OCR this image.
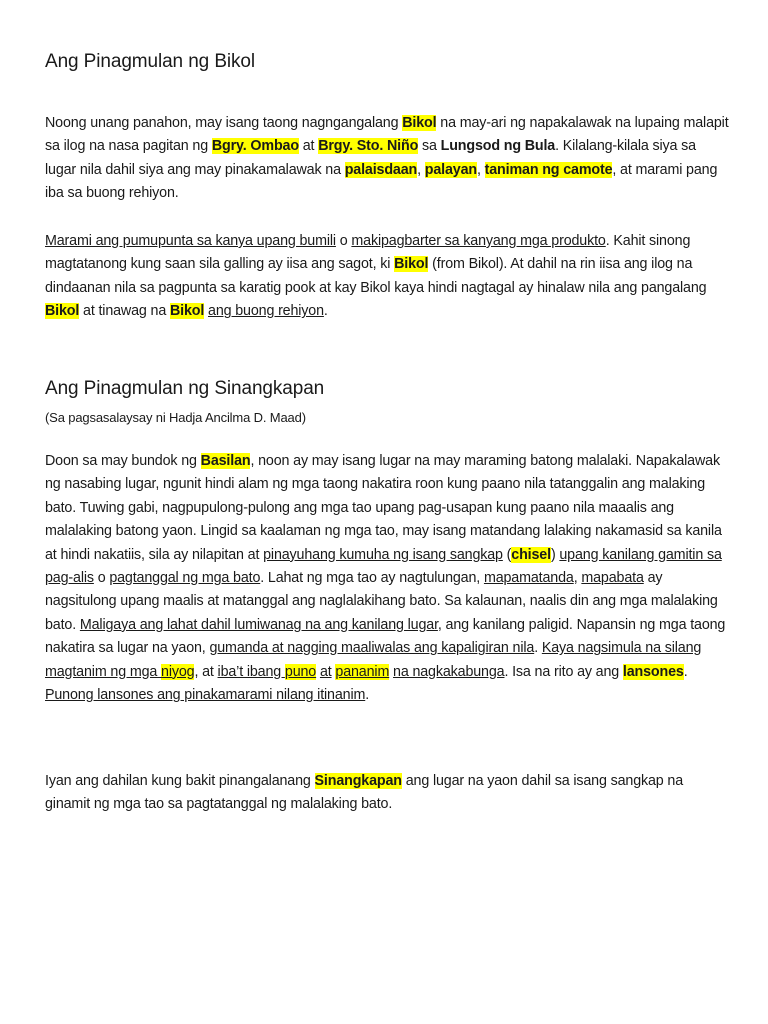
Ang Pinagmulan ng Bikol

Noong unang panahon, may isang taong nagngangalang Bikol na may-ari ng napakalawak na lupaing malapit sa ilog na nasa pagitan ng Bgry. Ombao at Brgy. Sto. Niño sa Lungsod ng Bula. Kilalang-kilala siya sa lugar nila dahil siya ang may pinakamalawak na palaisdaan, palayan, taniman ng camote, at marami pang iba sa buong rehiyon.

Marami ang pumupunta sa kanya upang bumili o makipagbarter sa kanyang mga produkto. Kahit sinong magtatanong kung saan sila galling ay iisa ang sagot, ki Bikol (from Bikol). At dahil na rin iisa ang ilog na dindaanan nila sa pagpunta sa karatig pook at kay Bikol kaya hindi nagtagal ay hinalaw nila ang pangalang Bikol at tinawag na Bikol ang buong rehiyon.

Ang Pinagmulan ng Sinangkapan

(Sa pagsasalaysay ni Hadja Ancilma D. Maad)

Doon sa may bundok ng Basilan, noon ay may isang lugar na may maraming batong malalaki. Napakalawak ng nasabing lugar, ngunit hindi alam ng mga taong nakatira roon kung paano nila tatanggalin ang malaking bato. Tuwing gabi, nagpupulong-pulong ang mga tao upang pag-usapan kung paano nila maaalis ang malalaking batong yaon. Lingid sa kaalaman ng mga tao, may isang matandang lalaking nakamasid sa kanila at hindi nakatiis, sila ay nilapitan at pinayuhang kumuha ng isang sangkap (chisel) upang kanilang gamitin sa pag-alis o pagtanggal ng mga bato. Lahat ng mga tao ay nagtulungan, mapamatanda, mapabata ay nagsitulong upang maalis at matanggal ang naglalakihang bato. Sa kalaunan, naalis din ang mga malalaking bato. Maligaya ang lahat dahil lumiwanag na ang kanilang lugar, ang kanilang paligid. Napansin ng mga taong nakatira sa lugar na yaon, gumanda at nagging maaliwalas ang kapaligiran nila. Kaya nagsimula na silang magtanim ng mga niyog, at iba’t ibang puno at pananim na nagkakabunga. Isa na rito ay ang lansones. Punong lansones ang pinakamarami nilang itinanim.

Iyan ang dahilan kung bakit pinangalanang Sinangkapan ang lugar na yaon dahil sa isang sangkap na ginamit ng mga tao sa pagtatanggal ng malalaking bato.
